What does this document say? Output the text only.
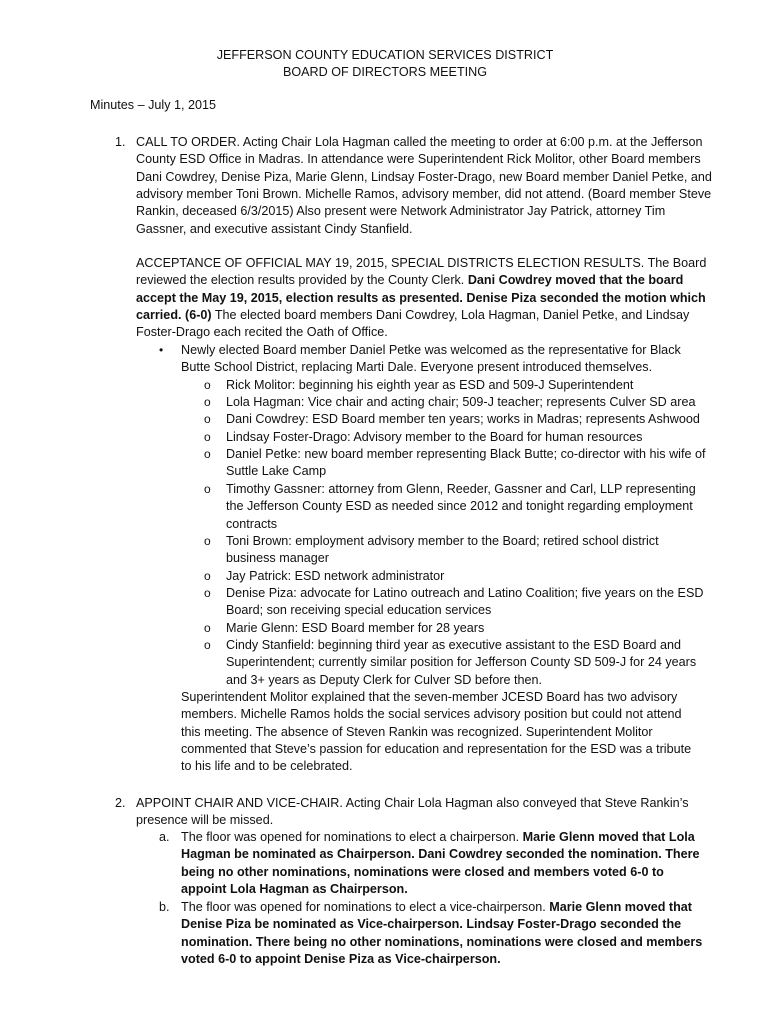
JEFFERSON COUNTY EDUCATION SERVICES DISTRICT
BOARD OF DIRECTORS MEETING
Minutes – July 1, 2015
1. CALL TO ORDER. Acting Chair Lola Hagman called the meeting to order at 6:00 p.m. at the Jefferson County ESD Office in Madras. In attendance were Superintendent Rick Molitor, other Board members Dani Cowdrey, Denise Piza, Marie Glenn, Lindsay Foster-Drago, new Board member Daniel Petke, and advisory member Toni Brown. Michelle Ramos, advisory member, did not attend. (Board member Steve Rankin, deceased 6/3/2015) Also present were Network Administrator Jay Patrick, attorney Tim Gassner, and executive assistant Cindy Stanfield.

ACCEPTANCE OF OFFICIAL MAY 19, 2015, SPECIAL DISTRICTS ELECTION RESULTS. The Board reviewed the election results provided by the County Clerk. Dani Cowdrey moved that the board accept the May 19, 2015, election results as presented. Denise Piza seconded the motion which carried. (6-0) The elected board members Dani Cowdrey, Lola Hagman, Daniel Petke, and Lindsay Foster-Drago each recited the Oath of Office.

• Newly elected Board member Daniel Petke was welcomed as the representative for Black Butte School District, replacing Marti Dale. Everyone present introduced themselves.

o Rick Molitor: beginning his eighth year as ESD and 509-J Superintendent

o Lola Hagman: Vice chair and acting chair; 509-J teacher; represents Culver SD area

o Dani Cowdrey: ESD Board member ten years; works in Madras; represents Ashwood

o Lindsay Foster-Drago: Advisory member to the Board for human resources

o Daniel Petke: new board member representing Black Butte; co-director with his wife of Suttle Lake Camp

o Timothy Gassner: attorney from Glenn, Reeder, Gassner and Carl, LLP representing the Jefferson County ESD as needed since 2012 and tonight regarding employment contracts

o Toni Brown: employment advisory member to the Board; retired school district business manager

o Jay Patrick: ESD network administrator

o Denise Piza: advocate for Latino outreach and Latino Coalition; five years on the ESD Board; son receiving special education services

o Marie Glenn: ESD Board member for 28 years

o Cindy Stanfield: beginning third year as executive assistant to the ESD Board and Superintendent; currently similar position for Jefferson County SD 509-J for 24 years and 3+ years as Deputy Clerk for Culver SD before then.

Superintendent Molitor explained that the seven-member JCESD Board has two advisory members. Michelle Ramos holds the social services advisory position but could not attend this meeting. The absence of Steven Rankin was recognized. Superintendent Molitor commented that Steve’s passion for education and representation for the ESD was a tribute to his life and to be celebrated.

2. APPOINT CHAIR AND VICE-CHAIR. Acting Chair Lola Hagman also conveyed that Steve Rankin’s presence will be missed.

a. The floor was opened for nominations to elect a chairperson. Marie Glenn moved that Lola Hagman be nominated as Chairperson. Dani Cowdrey seconded the nomination. There being no other nominations, nominations were closed and members voted 6-0 to appoint Lola Hagman as Chairperson.

b. The floor was opened for nominations to elect a vice-chairperson. Marie Glenn moved that Denise Piza be nominated as Vice-chairperson. Lindsay Foster-Drago seconded the nomination. There being no other nominations, nominations were closed and members voted 6-0 to appoint Denise Piza as Vice-chairperson.
